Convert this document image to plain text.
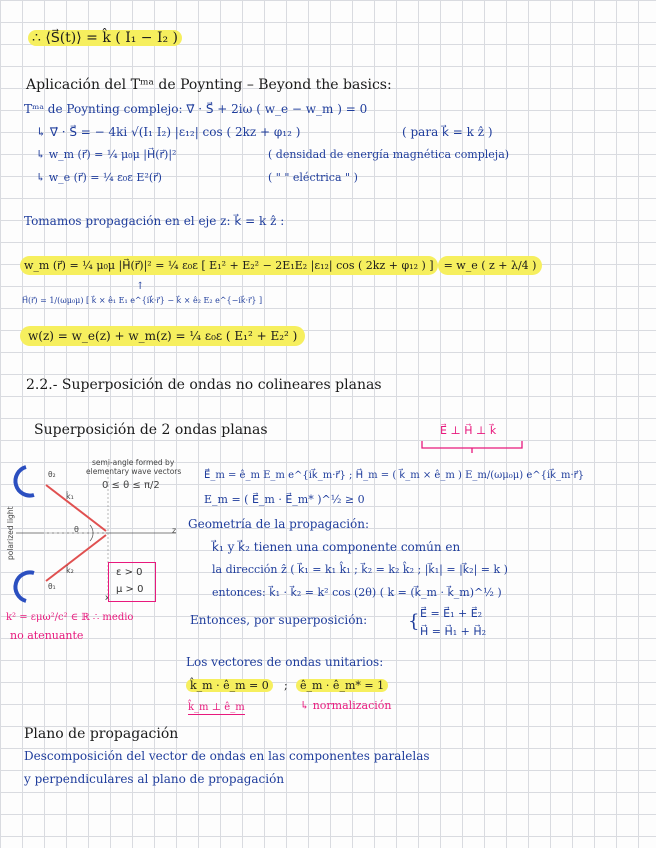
∴ ⟨S⃗(t)⟩ = k̂ ( I₁ − I₂ )
Aplicación del Tᵐᵃ de Poynting – Beyond the basics:
Tᵐᵃ de Poynting complejo: ∇⃗ · S⃗ + 2iω ( w_e − w_m ) = 0
↳ ∇⃗ · S⃗ = − 4ki √(I₁ I₂) |ε₁₂| cos ( 2kz + φ₁₂ )	( para k⃗ = k ẑ )
↳ w_m (r⃗) = ¼ μ₀μ |H⃗(r⃗)|²	( densidad de energía magnética compleja)
↳ w_e (r⃗) = ¼ ε₀ε E²(r⃗)	( " " eléctrica " )
Tomamos propagación en el eje z: k⃗ = k ẑ :
w_m (r⃗) = ¼ μ₀μ |H⃗(r⃗)|² = ¼ ε₀ε [ E₁² + E₂² − 2E₁E₂ |ε₁₂| cos ( 2kz + φ₁₂ ) ] = w_e ( z + λ/4 )
↑
H⃗(r⃗) = 1/(ωμ₀μ) [ k⃗ × ê₁ E₁ e^{ik⃗·r⃗} − k⃗ × ê₂ E₂ e^{−ik⃗·r⃗} ]
w(z) = w_e(z) + w_m(z) = ¼ ε₀ε ( E₁² + E₂² )
2.2.- Superposición de ondas no colineares planas
Superposición de 2 ondas planas	E⃗ ⊥ H⃗ ⊥ k⃗
semi-angle formed by
elementary wave vectors
0 ≤ θ ≤ π/2
polarized light
k̂₁
k̂₂
θ
θ₂
θ₁
z
x
ε > 0
μ > 0
k² = εμω²/c² ∈ ℝ ∴ medio
no atenuante
E⃗_m = ê_m E_m e^{ik⃗_m·r⃗} ; H⃗_m = ( k⃗_m × ê_m ) E_m/(ωμ₀μ) e^{ik⃗_m·r⃗}
E_m = ( E⃗_m · E⃗_m* )^½ ≥ 0
Geometría de la propagación:
k⃗₁ y k⃗₂ tienen una componente común en
la dirección ẑ ( k⃗₁ = k₁ k̂₁ ; k⃗₂ = k₂ k̂₂ ; |k⃗₁| = |k⃗₂| = k )
entonces: k⃗₁ · k⃗₂ = k² cos (2θ) ( k = (k⃗_m · k⃗_m)^½ )
Entonces, por superposición: { E⃗ = E⃗₁ + E⃗₂
H⃗ = H⃗₁ + H⃗₂
Los vectores de ondas unitarios:
k̂_m · ê_m = 0	;	ê_m · ê_m* = 1
k̂_m ⊥ ê_m	↳ normalización
Plano de propagación
Descomposición del vector de ondas en las componentes paralelas
y perpendiculares al plano de propagación
